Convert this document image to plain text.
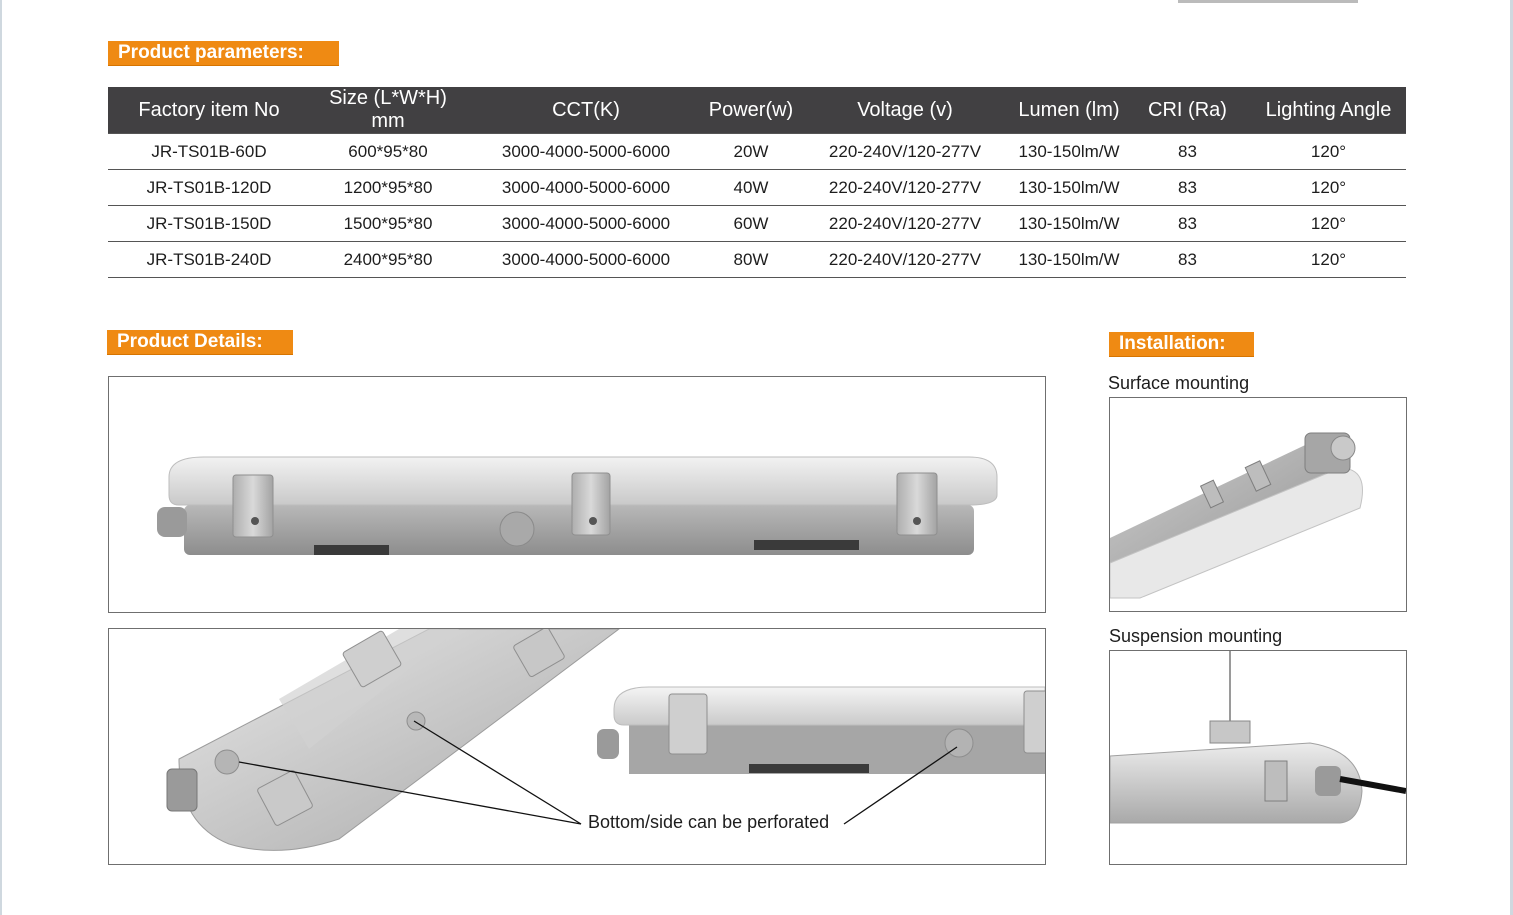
Product parameters:
Factory item No	Size (L*W*H) mm	CCT(K)	Power(w)	Voltage (v)	Lumen (lm)	CRI (Ra)	Lighting Angle
JR-TS01B-60D	600*95*80	3000-4000-5000-6000	20W	220-240V/120-277V	130-150lm/W	83	120°
JR-TS01B-120D	1200*95*80	3000-4000-5000-6000	40W	220-240V/120-277V	130-150lm/W	83	120°
JR-TS01B-150D	1500*95*80	3000-4000-5000-6000	60W	220-240V/120-277V	130-150lm/W	83	120°
JR-TS01B-240D	2400*95*80	3000-4000-5000-6000	80W	220-240V/120-277V	130-150lm/W	83	120°
Product Details:	Installation:
Bottom/side can be perforated
Surface mounting
Suspension mounting
